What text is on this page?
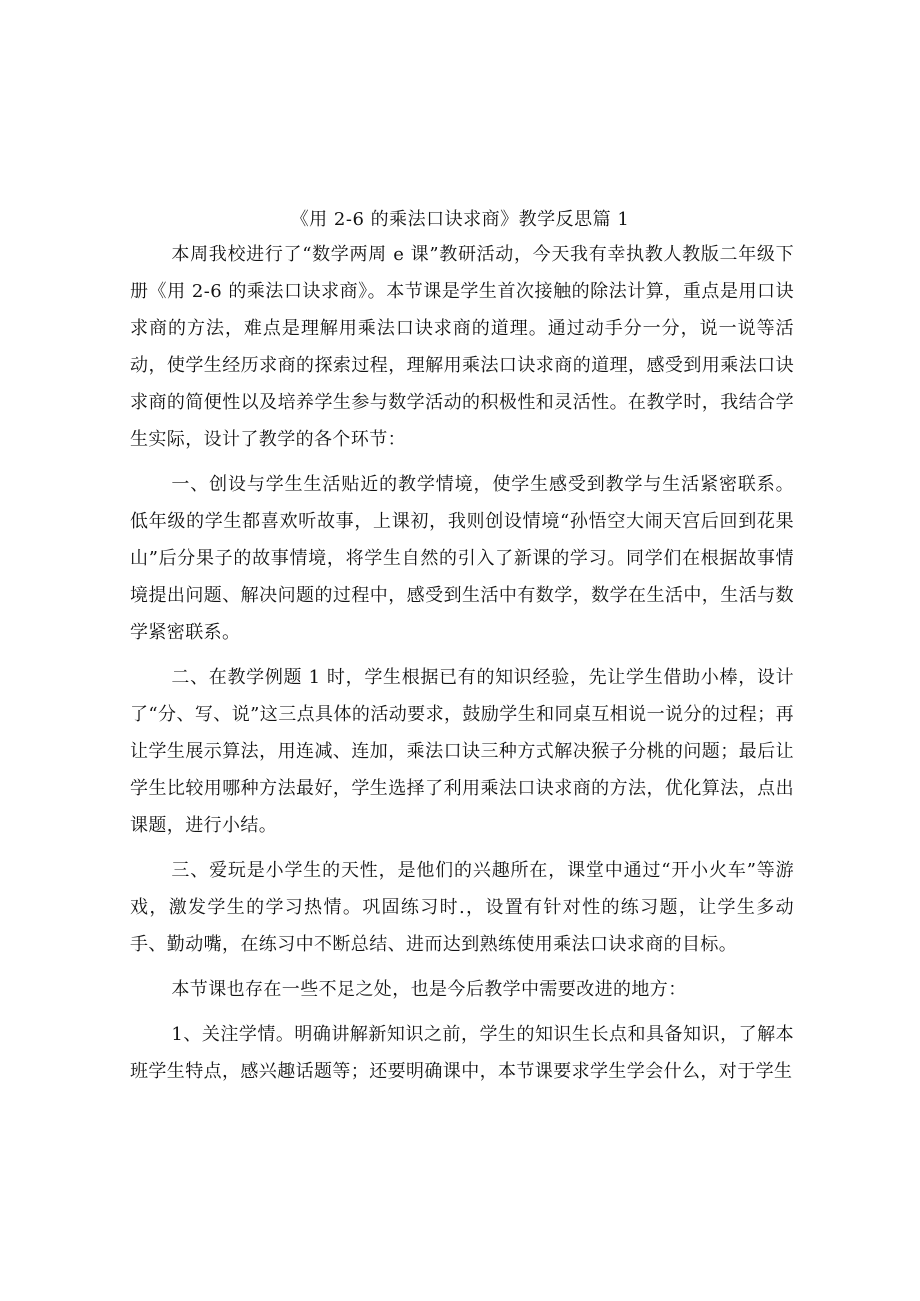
《用 2-6 的乘法口诀求商》教学反思篇 1

本周我校进行了“数学两周 e 课”教研活动，今天我有幸执教人教版二年级下册《用 2-6 的乘法口诀求商》。本节课是学生首次接触的除法计算，重点是用口诀求商的方法，难点是理解用乘法口诀求商的道理。通过动手分一分，说一说等活动，使学生经历求商的探索过程，理解用乘法口诀求商的道理，感受到用乘法口诀求商的简便性以及培养学生参与数学活动的积极性和灵活性。在教学时，我结合学生实际，设计了教学的各个环节：

一、创设与学生生活贴近的教学情境，使学生感受到教学与生活紧密联系。低年级的学生都喜欢听故事，上课初，我则创设情境“孙悟空大闹天宫后回到花果山”后分果子的故事情境，将学生自然的引入了新课的学习。同学们在根据故事情境提出问题、解决问题的过程中，感受到生活中有数学，数学在生活中，生活与数学紧密联系。

二、在教学例题 1 时，学生根据已有的知识经验，先让学生借助小棒，设计了“分、写、说”这三点具体的活动要求，鼓励学生和同桌互相说一说分的过程；再让学生展示算法，用连减、连加，乘法口诀三种方式解决猴子分桃的问题；最后让学生比较用哪种方法最好，学生选择了利用乘法口诀求商的方法，优化算法，点出课题，进行小结。

三、爱玩是小学生的天性，是他们的兴趣所在，课堂中通过“开小火车”等游戏，激发学生的学习热情。巩固练习时.，设置有针对性的练习题，让学生多动手、勤动嘴，在练习中不断总结、进而达到熟练使用乘法口诀求商的目标。

本节课也存在一些不足之处，也是今后教学中需要改进的地方：

1、关注学情。明确讲解新知识之前，学生的知识生长点和具备知识，了解本班学生特点，感兴趣话题等；还要明确课中，本节课要求学生学会什么，对于学生
